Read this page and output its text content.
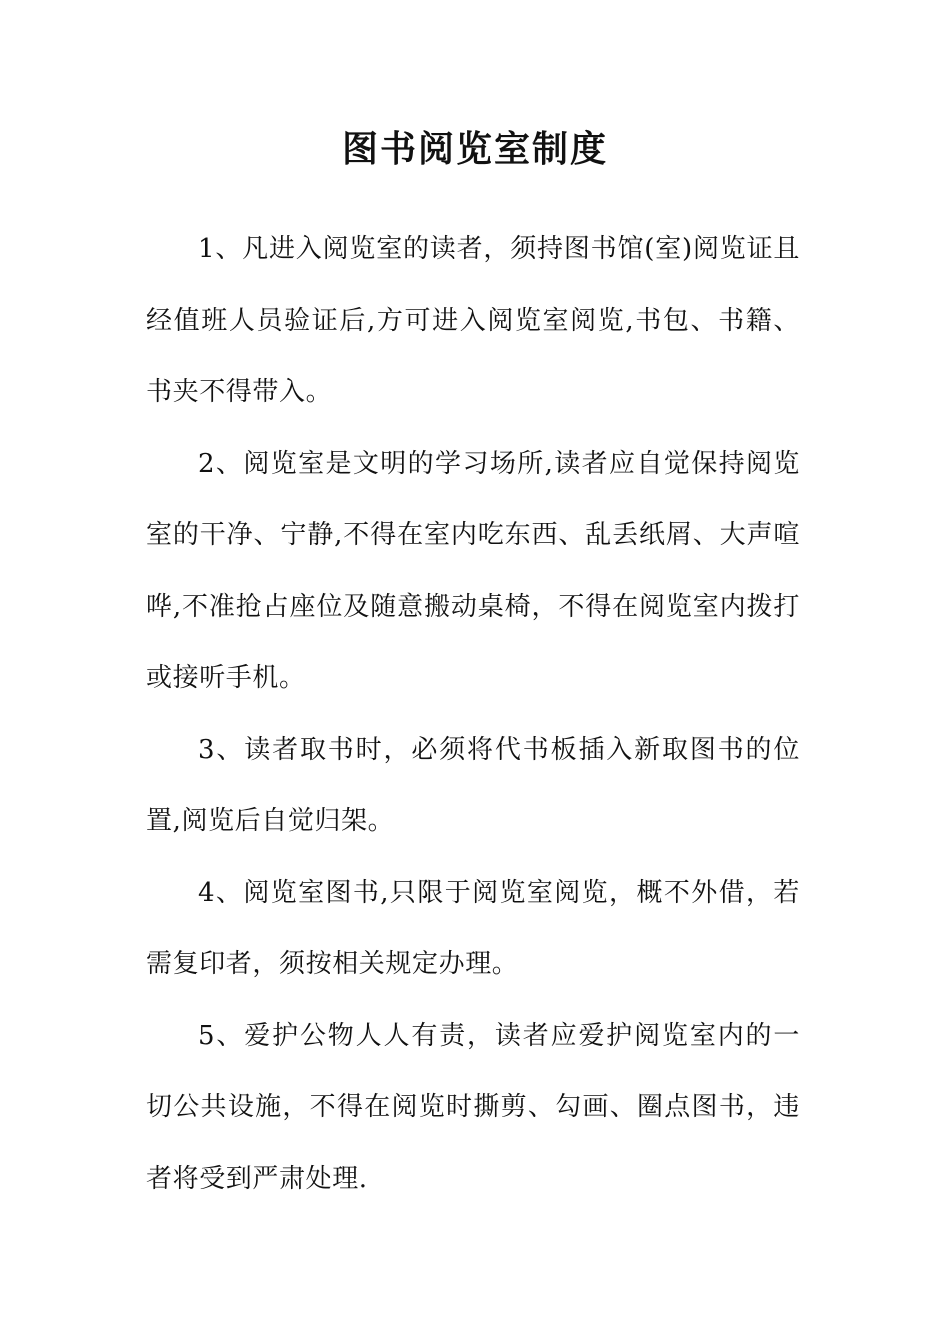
图书阅览室制度

1、凡进入阅览室的读者，须持图书馆(室)阅览证且经值班人员验证后,方可进入阅览室阅览,书包、书籍、书夹不得带入。

2、阅览室是文明的学习场所,读者应自觉保持阅览室的干净、宁静,不得在室内吃东西、乱丢纸屑、大声喧哗,不准抢占座位及随意搬动桌椅，不得在阅览室内拨打或接听手机。

3、读者取书时，必须将代书板插入新取图书的位置,阅览后自觉归架。

4、阅览室图书,只限于阅览室阅览，概不外借，若需复印者，须按相关规定办理。

5、爱护公物人人有责，读者应爱护阅览室内的一切公共设施，不得在阅览时撕剪、勾画、圈点图书，违者将受到严肃处理.
